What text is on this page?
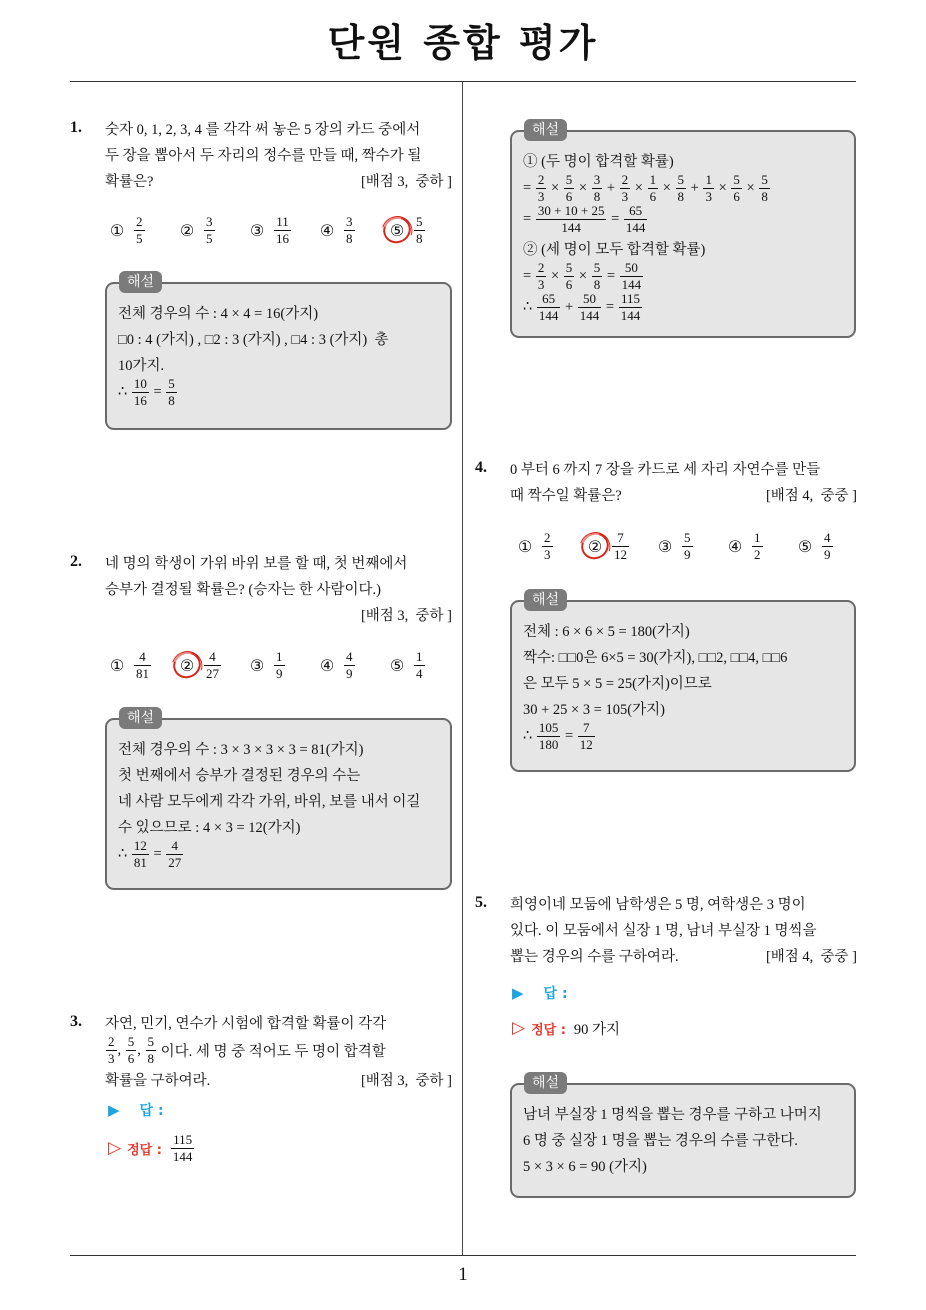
단원 종합 평가
1
1. 숫자 0, 1, 2, 3, 4 를 각각 써 놓은 5 장의 카드 중에서
두 장을 뽑아서 두 자리의 정수를 만들 때, 짝수가 될
확률은?	[배점 3,  중하 ]
① $\frac{2}{5}$ ② $\frac{3}{5}$ ③ $\frac{11}{16}$ ④ $\frac{3}{8}$ ⑤ $\frac{5}{8}$
해설
전체 경우의 수 : 4 × 4 = 16(가지)
□0 : 4 (가지) , □2 : 3 (가지) , □4 : 3 (가지)  총
10가지.
∴ $\frac{10}{16} = \frac{5}{8}$
2. 네 명의 학생이 가위 바위 보를 할 때, 첫 번째에서
승부가 결정될 확률은? (승자는 한 사람이다.)
[배점 3,  중하 ]
① $\frac{4}{81}$ ② $\frac{4}{27}$ ③ $\frac{1}{9}$ ④ $\frac{4}{9}$ ⑤ $\frac{1}{4}$
해설
전체 경우의 수 : 3 × 3 × 3 × 3 = 81(가지)
첫 번째에서 승부가 결정된 경우의 수는
네 사람 모두에게 각각 가위, 바위, 보를 내서 이길
수 있으므로 : 4 × 3 = 12(가지)
∴ $\frac{12}{81} = \frac{4}{27}$
3. 자연, 민기, 연수가 시험에 합격할 확률이 각각
$\frac{2}{3}$ , $\frac{5}{6}$ , $\frac{5}{8}$ 이다. 세 명 중 적어도 두 명이 합격할
확률을 구하여라.	[배점 3,  중하 ]
▶ 답 :
▷ 정답 : $\frac{115}{144}$
해설
① (두 명이 합격할 확률)
= $\frac{2}{3} \times \frac{5}{6} \times \frac{3}{8} + \frac{2}{3} \times \frac{1}{6} \times \frac{5}{8} + \frac{1}{3} \times \frac{5}{6} \times \frac{5}{8}$
= $\frac{30 + 10 + 25}{144} = \frac{65}{144}$
② (세 명이 모두 합격할 확률)
= $\frac{2}{3} \times \frac{5}{6} \times \frac{5}{8} = \frac{50}{144}$
∴ $\frac{65}{144} + \frac{50}{144} = \frac{115}{144}$
4. 0 부터 6 까지 7 장을 카드로 세 자리 자연수를 만들
때 짝수일 확률은?	[배점 4,  중중 ]
① $\frac{2}{3}$ ② $\frac{7}{12}$ ③ $\frac{5}{9}$ ④ $\frac{1}{2}$ ⑤ $\frac{4}{9}$
해설
전체 : 6 × 6 × 5 = 180(가지)
짝수: □□0은 6×5 = 30(가지), □□2, □□4, □□6
은 모두 5 × 5 = 25(가지)이므로
30 + 25 × 3 = 105(가지)
∴ $\frac{105}{180} = \frac{7}{12}$
5. 희영이네 모둠에 남학생은 5 명, 여학생은 3 명이
있다. 이 모둠에서 실장 1 명, 남녀 부실장 1 명씩을
뽑는 경우의 수를 구하여라.	[배점 4,  중중 ]
▶ 답 :
▷ 정답 : 90 가지
해설
남녀 부실장 1 명씩을 뽑는 경우를 구하고 나머지
6 명 중 실장 1 명을 뽑는 경우의 수를 구한다.
5 × 3 × 6 = 90 (가지)
